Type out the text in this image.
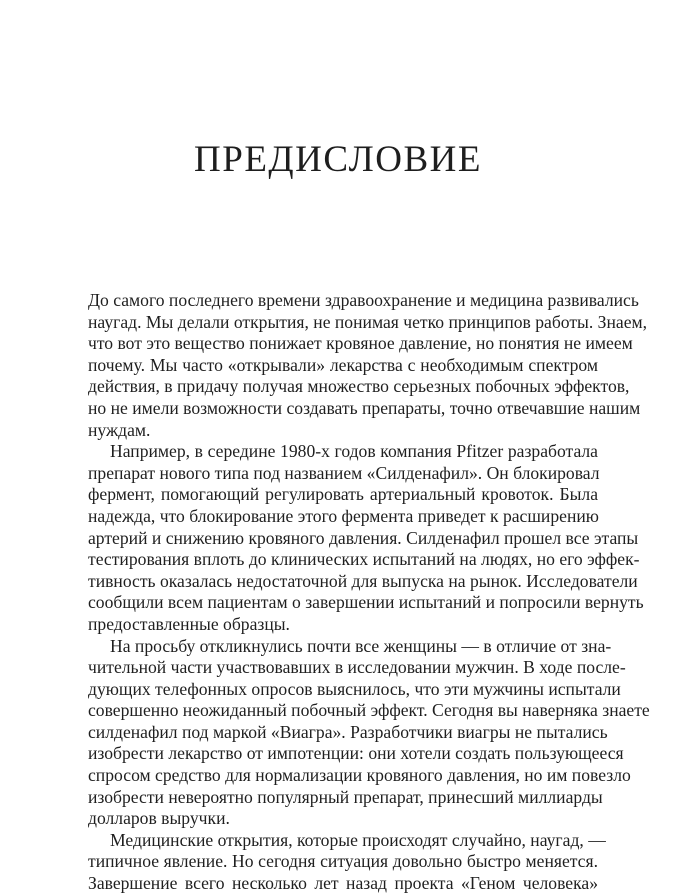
ПРЕДИСЛОВИЕ
До самого последнего времени здравоохранение и медицина развивались
наугад. Мы делали открытия, не понимая четко принципов работы. Знаем,
что вот это вещество понижает кровяное давление, но понятия не имеем
почему. Мы часто «открывали» лекарства с необходимым спектром
действия, в придачу получая множество серьезных побочных эффектов,
но не имели возможности создавать препараты, точно отвечавшие нашим
нуждам.
Например, в середине 1980-х годов компания Pfitzer разработала
препарат нового типа под названием «Силденафил». Он блокировал
фермент, помогающий регулировать артериальный кровоток. Была
надежда, что блокирование этого фермента приведет к расширению
артерий и снижению кровяного давления. Силденафил прошел все этапы
тестирования вплоть до клинических испытаний на людях, но его эффек-
тивность оказалась недостаточной для выпуска на рынок. Исследователи
сообщили всем пациентам о завершении испытаний и попросили вернуть
предоставленные образцы.
На просьбу откликнулись почти все женщины — в отличие от зна-
чительной части участвовавших в исследовании мужчин. В ходе после-
дующих телефонных опросов выяснилось, что эти мужчины испытали
совершенно неожиданный побочный эффект. Сегодня вы наверняка знаете
силденафил под маркой «Виагра». Разработчики виагры не пытались
изобрести лекарство от импотенции: они хотели создать пользующееся
спросом средство для нормализации кровяного давления, но им повезло
изобрести невероятно популярный препарат, принесший миллиарды
долларов выручки.
Медицинские открытия, которые происходят случайно, наугад, —
типичное явление. Но сегодня ситуация довольно быстро меняется.
Завершение всего несколько лет назад проекта «Геном человека»
